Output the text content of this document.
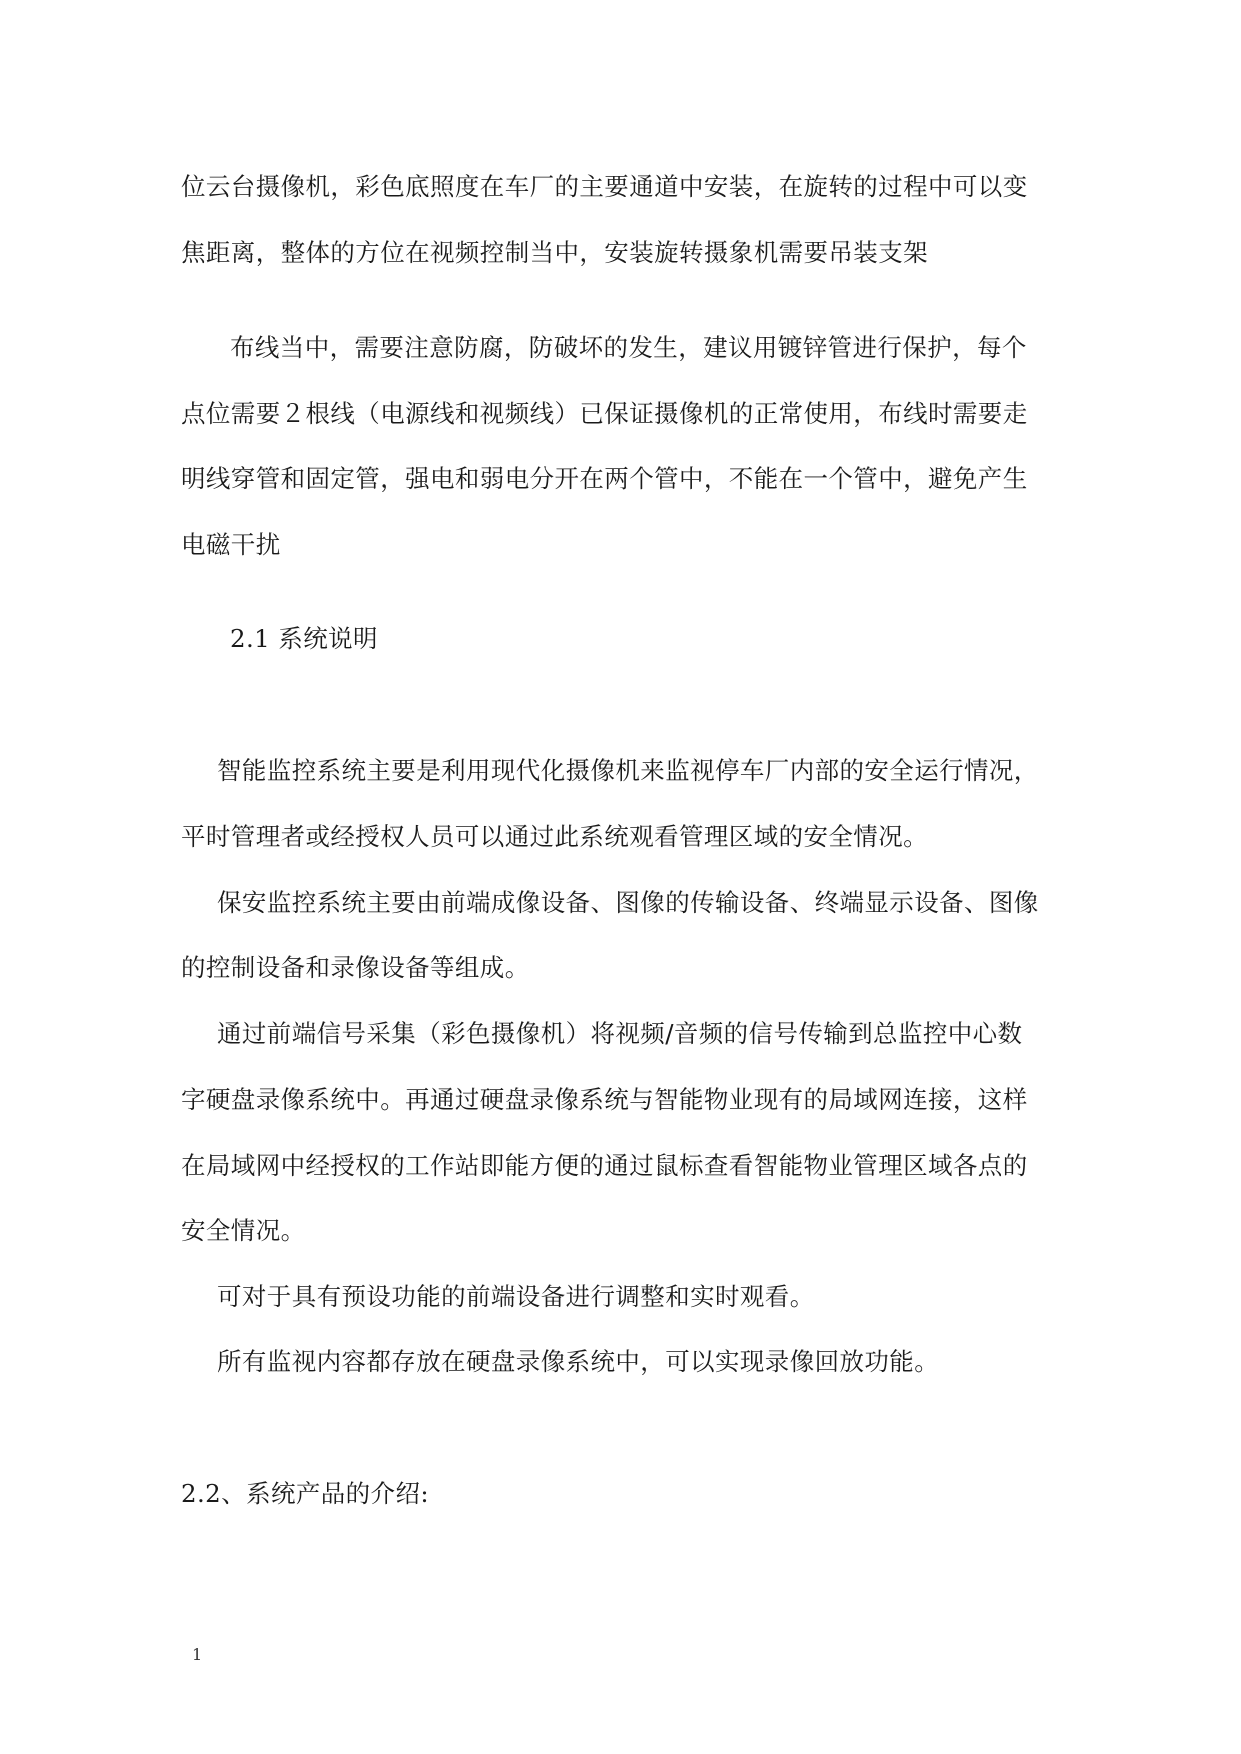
位云台摄像机，彩色底照度在车厂的主要通道中安装，在旋转的过程中可以变
焦距离，整体的方位在视频控制当中，安装旋转摄象机需要吊装支架
布线当中，需要注意防腐，防破坏的发生，建议用镀锌管进行保护，每个
点位需要２根线（电源线和视频线）已保证摄像机的正常使用，布线时需要走
明线穿管和固定管，强电和弱电分开在两个管中，不能在一个管中，避免产生
电磁干扰
2.1 系统说明
智能监控系统主要是利用现代化摄像机来监视停车厂内部的安全运行情况，
平时管理者或经授权人员可以通过此系统观看管理区域的安全情况。
保安监控系统主要由前端成像设备、图像的传输设备、终端显示设备、图像
的控制设备和录像设备等组成。
通过前端信号采集（彩色摄像机）将视频/音频的信号传输到总监控中心数
字硬盘录像系统中。再通过硬盘录像系统与智能物业现有的局域网连接，这样
在局域网中经授权的工作站即能方便的通过鼠标查看智能物业管理区域各点的
安全情况。
可对于具有预设功能的前端设备进行调整和实时观看。
所有监视内容都存放在硬盘录像系统中，可以实现录像回放功能。
2.2、系统产品的介绍:
1
